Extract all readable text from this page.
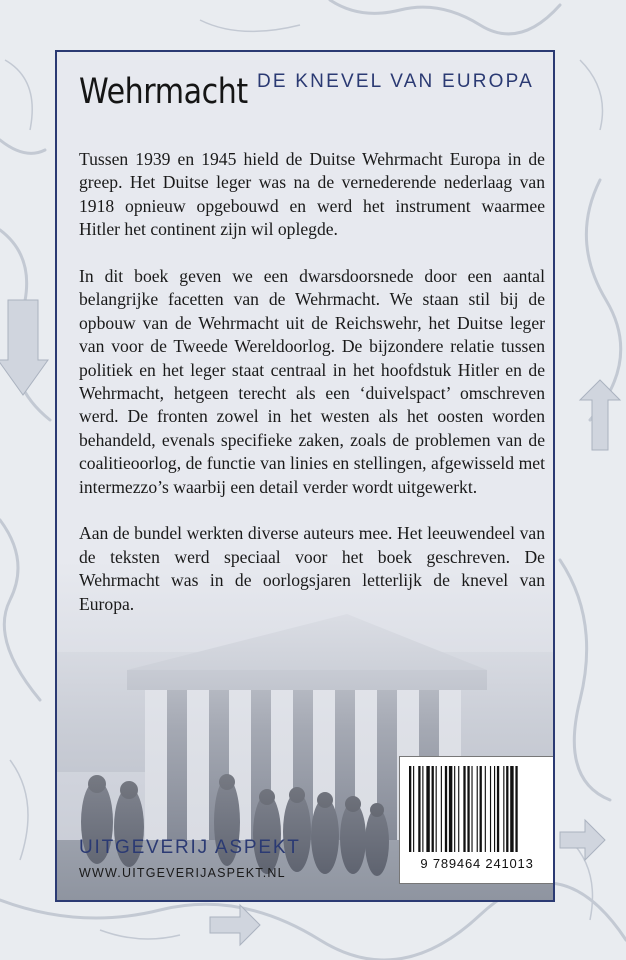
Wehrmacht DE KNEVEL VAN EUROPA

Tussen 1939 en 1945 hield de Duitse Wehrmacht Europa in de greep. Het Duitse leger was na de vernederende nederlaag van 1918 opnieuw opgebouwd en werd het instrument waarmee Hitler het continent zijn wil oplegde.

In dit boek geven we een dwarsdoorsnede door een aantal belangrijke facetten van de Wehrmacht. We staan stil bij de opbouw van de Wehrmacht uit de Reichswehr, het Duitse leger van voor de Tweede Wereldoorlog. De bijzondere relatie tussen politiek en het leger staat centraal in het hoofdstuk Hitler en de Wehrmacht, hetgeen terecht als een ‘duivelspact’ omschreven werd. De fronten zowel in het westen als het oosten worden behandeld, evenals specifieke zaken, zoals de problemen van de coalitieoorlog, de functie van linies en stellingen, afgewisseld met intermezzo’s waarbij een detail verder wordt uitgewerkt.

Aan de bundel werkten diverse auteurs mee. Het leeuwendeel van de teksten werd speciaal voor het boek geschreven. De Wehrmacht was in de oorlogsjaren letterlijk de knevel van Europa.

UITGEVERIJ ASPEKT
WWW.UITGEVERIJASPEKT.NL
9 789464 241013
